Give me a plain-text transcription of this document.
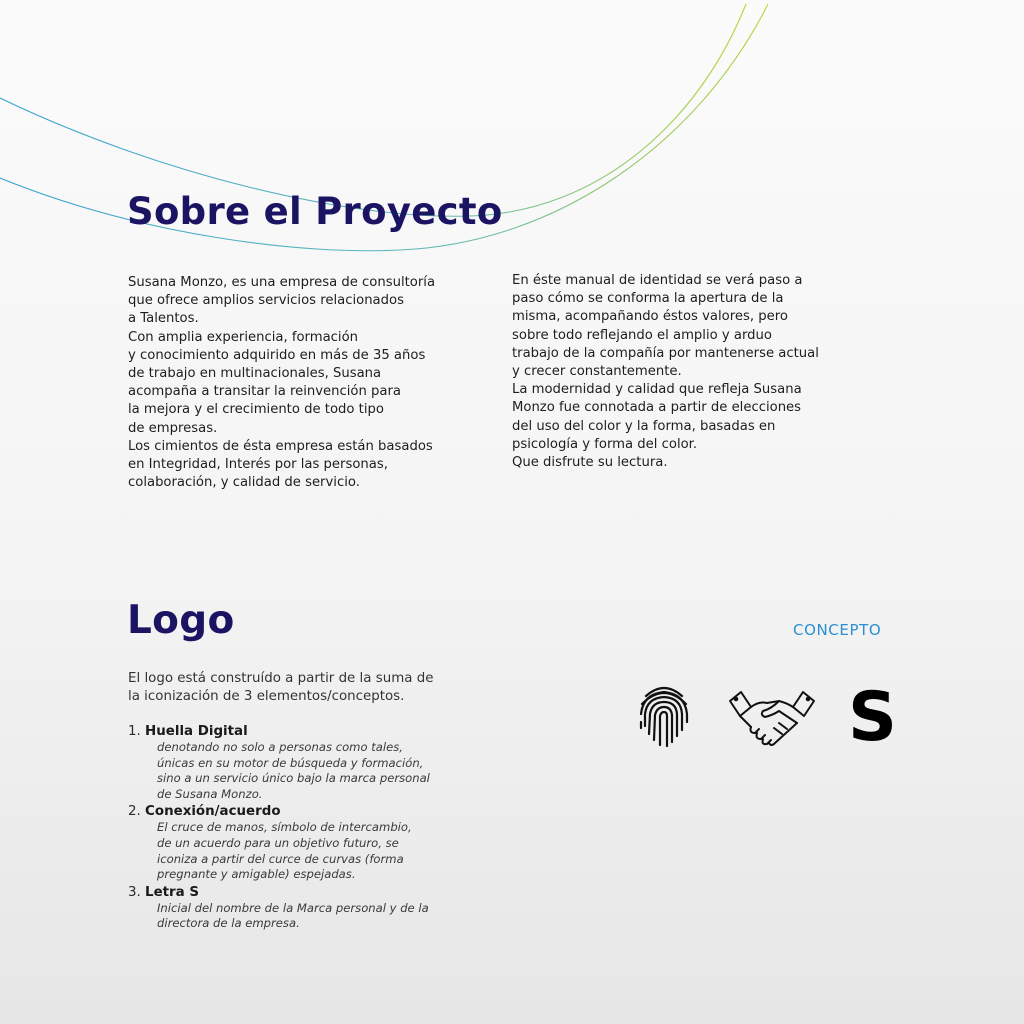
Sobre el Proyecto
Susana Monzo, es una empresa de consultoría
que ofrece amplios servicios relacionados
a Talentos.
Con amplia experiencia, formación
y conocimiento adquirido en más de 35 años
de trabajo en multinacionales, Susana
acompaña a transitar la reinvención para
la mejora y el crecimiento de todo tipo
de empresas.
Los cimientos de ésta empresa están basados
en Integridad, Interés por las personas,
colaboración, y calidad de servicio.
En éste manual de identidad se verá paso a
paso cómo se conforma la apertura de la
misma, acompañando éstos valores, pero
sobre todo reflejando el amplio y arduo
trabajo de la compañía por mantenerse actual
y crecer constantemente.
La modernidad y calidad que refleja Susana
Monzo fue connotada a partir de elecciones
del uso del color y la forma, basadas en
psicología y forma del color.
Que disfrute su lectura.
Logo	CONCEPTO
El logo está construído a partir de la suma de
la iconización de 3 elementos/conceptos.
1. Huella Digital
denotando no solo a personas como tales,
únicas en su motor de búsqueda y formación,
sino a un servicio único bajo la marca personal
de Susana Monzo.
2. Conexión/acuerdo
El cruce de manos, símbolo de intercambio,
de un acuerdo para un objetivo futuro, se
iconiza a partir del curce de curvas (forma
pregnante y amigable) espejadas.
3. Letra S
Inicial del nombre de la Marca personal y de la
directora de la empresa.
S
